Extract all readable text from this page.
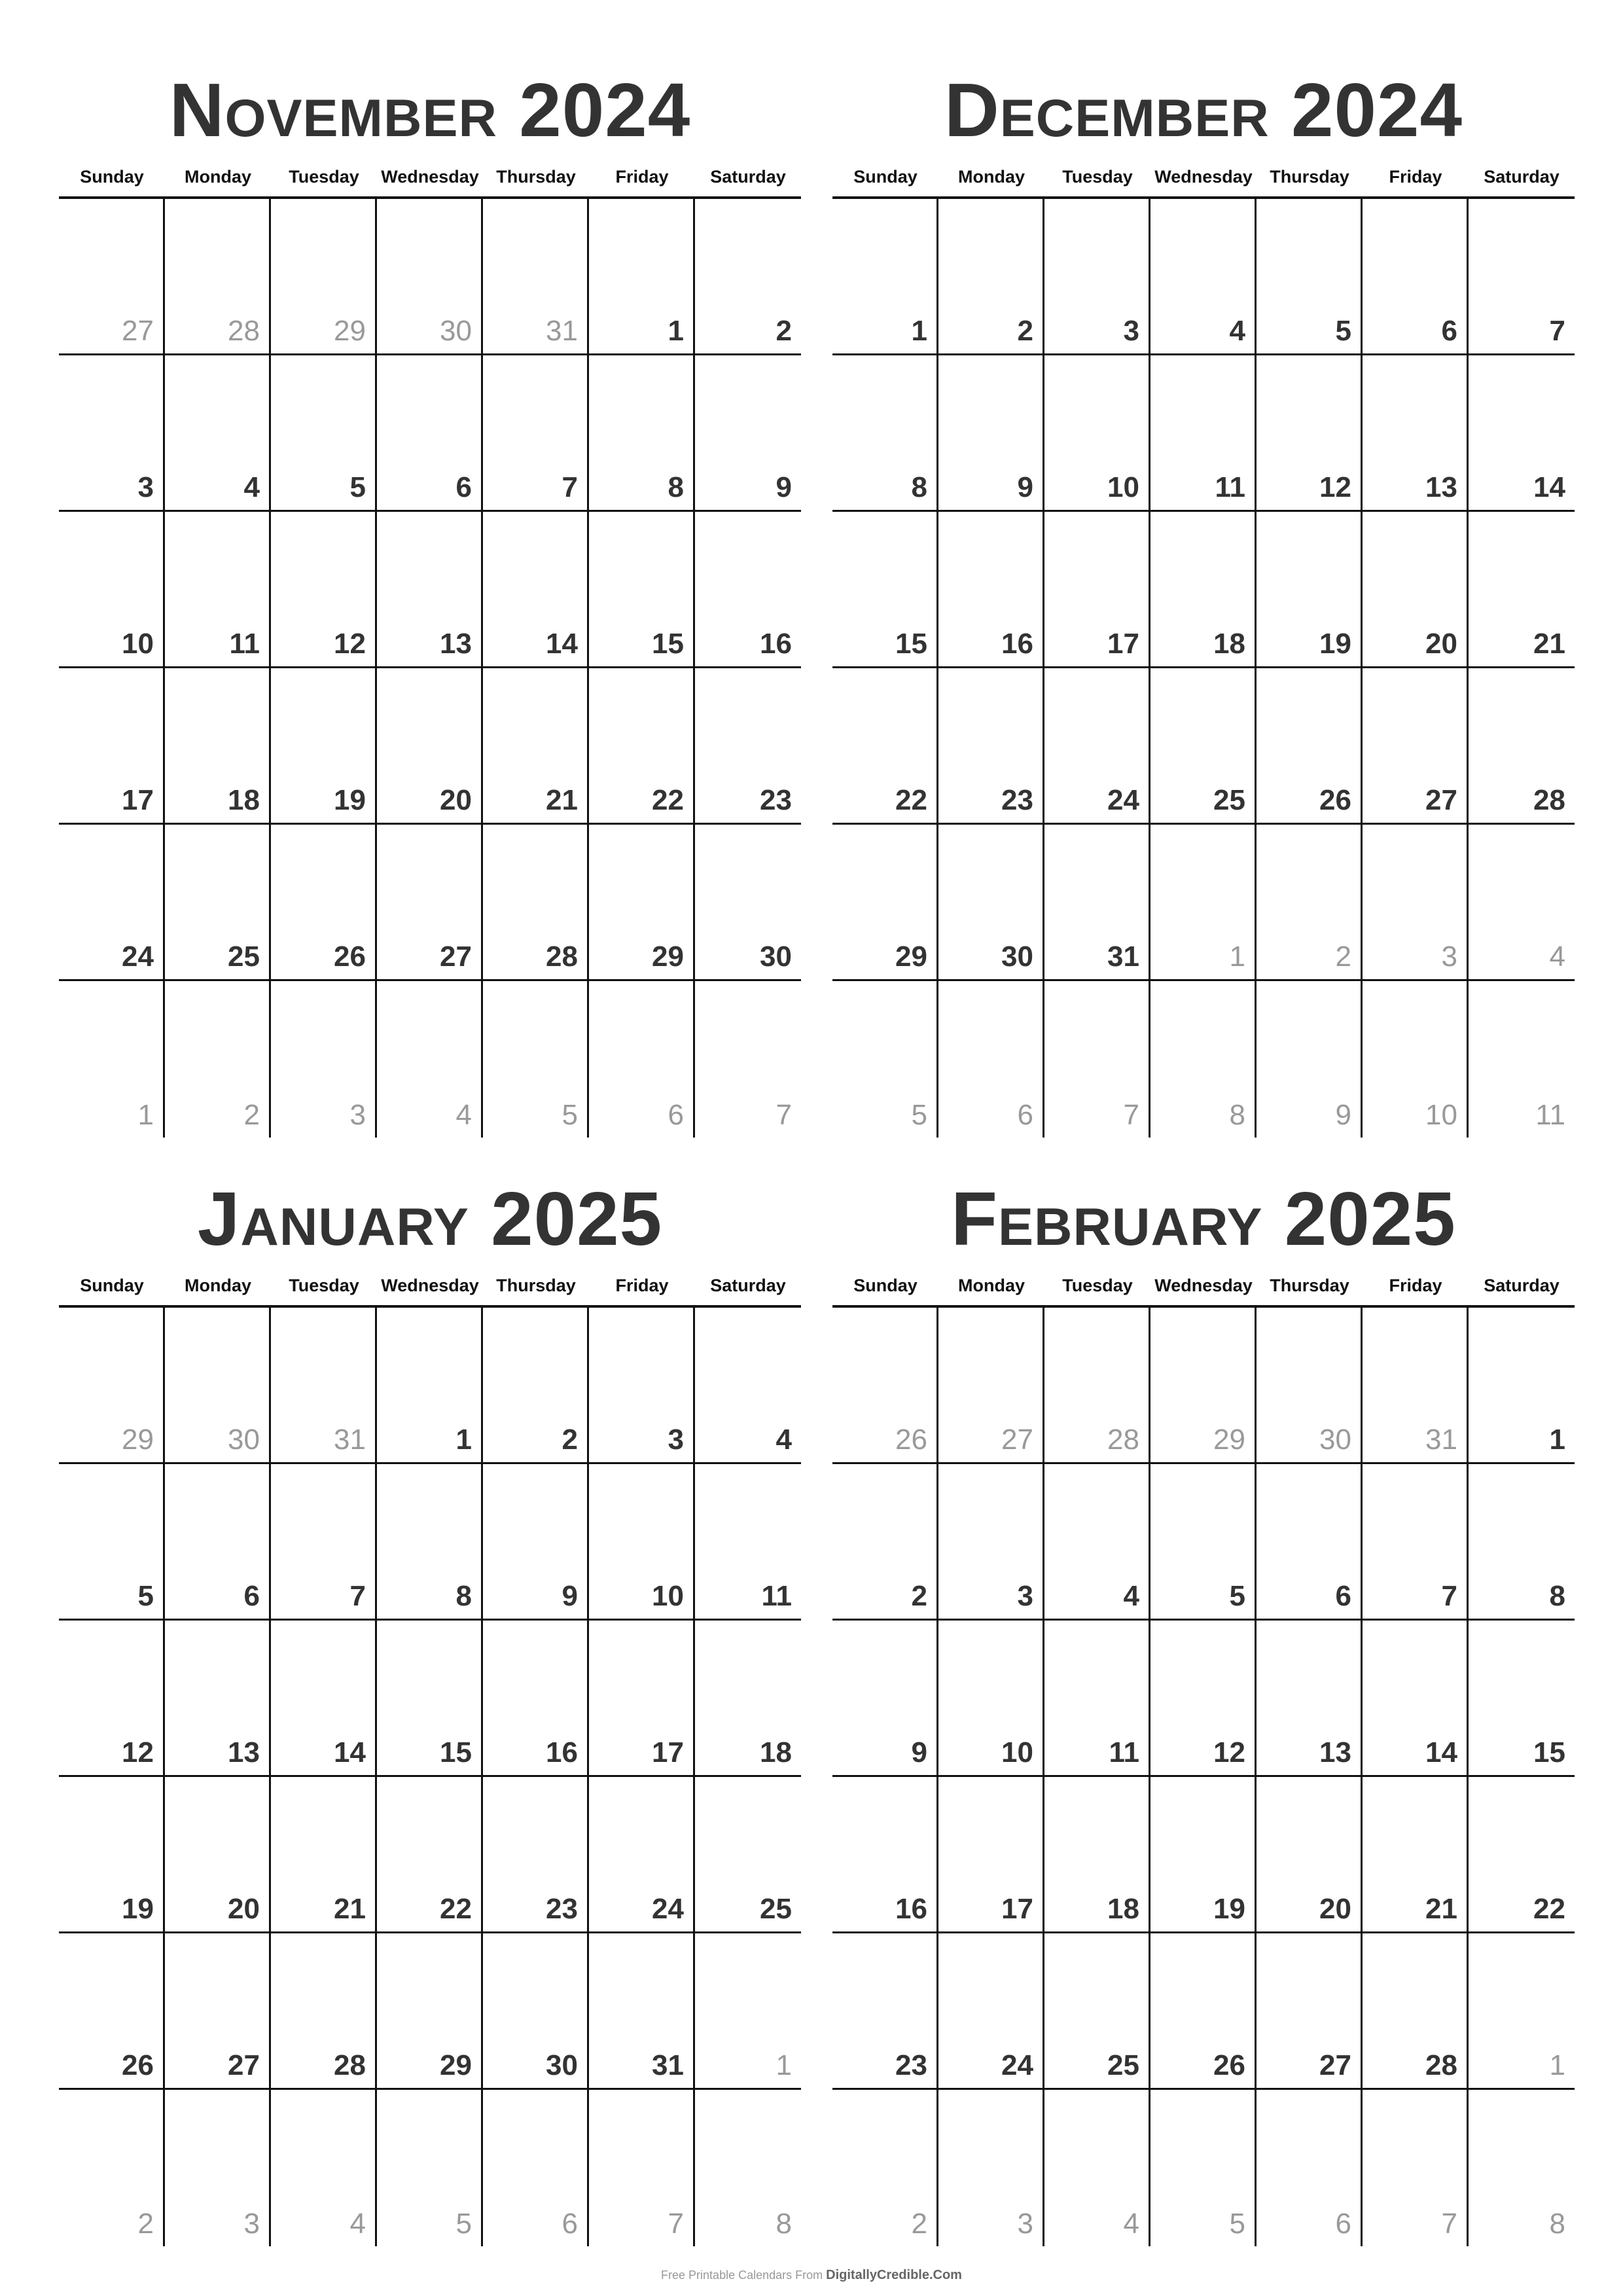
November 2024
Sunday	Monday	Tuesday	Wednesday Thursday	Friday	Saturday
27	28	29	30	31	1	2
3	4	5	6	7	8	9
10	11	12	13	14	15	16
17	18	19	20	21	22	23
24	25	26	27	28	29	30
1	2	3	4	5	6	7
December 2024
Sunday	Monday	Tuesday	Wednesday Thursday	Friday	Saturday
1	2	3	4	5	6	7
8	9	10	11	12	13	14
15	16	17	18	19	20	21
22	23	24	25	26	27	28
29	30	31	1	2	3	4
5	6	7	8	9	10	11
January 2025
Sunday	Monday	Tuesday	Wednesday Thursday	Friday	Saturday
29	30	31	1	2	3	4
5	6	7	8	9	10	11
12	13	14	15	16	17	18
19	20	21	22	23	24	25
26	27	28	29	30	31	1
2	3	4	5	6	7	8
February 2025
Sunday	Monday	Tuesday	Wednesday Thursday	Friday	Saturday
26	27	28	29	30	31	1
2	3	4	5	6	7	8
9	10	11	12	13	14	15
16	17	18	19	20	21	22
23	24	25	26	27	28	1
2	3	4	5	6	7	8
Free Printable Calendars From DigitallyCredible.Com
